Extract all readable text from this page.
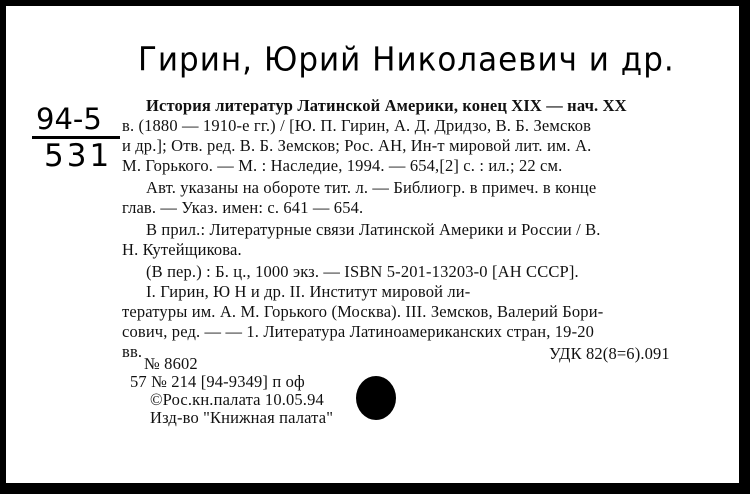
Гирин, Юрий Николаевич и др.
94-5
531
История литератур Латинской Америки, конец XIX — нач. XX
в. (1880 — 1910-е гг.) / [Ю. П. Гирин, А. Д. Дридзо, В. Б. Земсков
и др.]; Отв. ред. В. Б. Земсков; Рос. АН, Ин-т мировой лит. им. А.
М. Горького. — М. : Наследие, 1994. — 654,[2] с. : ил.; 22 см.
Авт. указаны на обороте тит. л. — Библиогр. в примеч. в конце
глав. — Указ. имен: с. 641 — 654.
В прил.: Литературные связи Латинской Америки и России / В.
Н. Кутейщикова.
(В пер.) : Б. ц., 1000 экз. — ISBN 5-201-13203-0 [АН СССР].
I. Гирин, Ю Н и др. II. Институт мировой ли-
тературы им. А. М. Горького (Москва). III. Земсков, Валерий Бори-
сович, ред. — — 1. Литература Латиноамериканских стран, 19-20
вв.
№ 8602
УДК 82(8=6).091
57 № 214 [94-9349] п оф
©Рос.кн.палата 10.05.94
Изд-во "Книжная палата"
